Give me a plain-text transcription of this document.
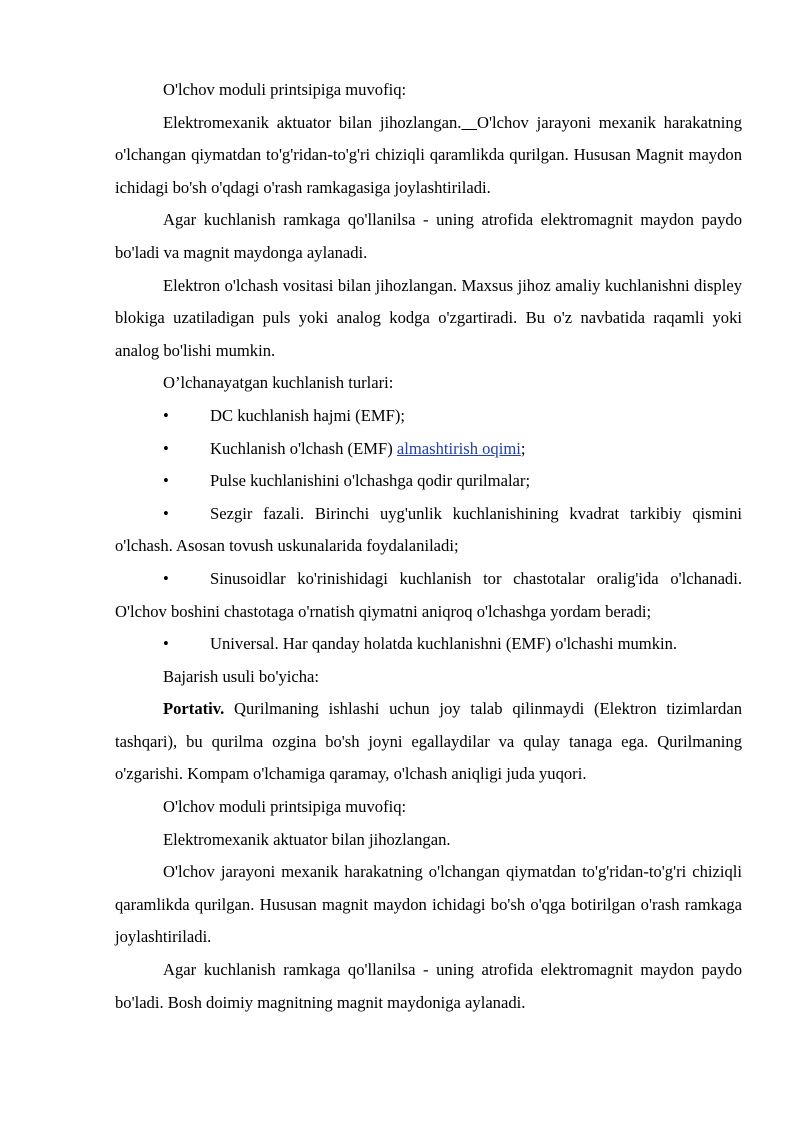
O'lchov moduli printsipiga muvofiq:

Elektromexanik aktuator bilan jihozlangan. O'lchov jarayoni mexanik harakatning o'lchangan qiymatdan to'g'ridan-to'g'ri chiziqli qaramlikda qurilgan. Hususan Magnit maydon ichidagi bo'sh o'qdagi o'rash ramkagasiga joylashtiriladi.

Agar kuchlanish ramkaga qo'llanilsa - uning atrofida elektromagnit maydon paydo bo'ladi va magnit maydonga aylanadi.

Elektron o'lchash vositasi bilan jihozlangan. Maxsus jihoz amaliy kuchlanishni displey blokiga uzatiladigan puls yoki analog kodga o'zgartiradi. Bu o'z navbatida raqamli yoki analog bo'lishi mumkin.

O’lchanayatgan kuchlanish turlari:

• DC kuchlanish hajmi (EMF);

• Kuchlanish o'lchash (EMF) almashtirish oqimi;

• Pulse kuchlanishini o'lchashga qodir qurilmalar;

• Sezgir fazali. Birinchi uyg'unlik kuchlanishining kvadrat tarkibiy qismini o'lchash. Asosan tovush uskunalarida foydalaniladi;

• Sinusoidlar ko'rinishidagi kuchlanish tor chastotalar oralig'ida o'lchanadi. O'lchov boshini chastotaga o'rnatish qiymatni aniqroq o'lchashga yordam beradi;

• Universal. Har qanday holatda kuchlanishni (EMF) o'lchashi mumkin.

Bajarish usuli bo'yicha:

Portativ. Qurilmaning ishlashi uchun joy talab qilinmaydi (Elektron tizimlardan tashqari), bu qurilma ozgina bo'sh joyni egallaydilar va qulay tanaga ega. Qurilmaning o'zgarishi. Kompam o'lchamiga qaramay, o'lchash aniqligi juda yuqori.

O'lchov moduli printsipiga muvofiq:

Elektromexanik aktuator bilan jihozlangan.

O'lchov jarayoni mexanik harakatning o'lchangan qiymatdan to'g'ridan-to'g'ri chiziqli qaramlikda qurilgan. Hususan magnit maydon ichidagi bo'sh o'qga botirilgan o'rash ramkaga joylashtiriladi.

Agar kuchlanish ramkaga qo'llanilsa - uning atrofida elektromagnit maydon paydo bo'ladi. Bosh doimiy magnitning magnit maydoniga aylanadi.
